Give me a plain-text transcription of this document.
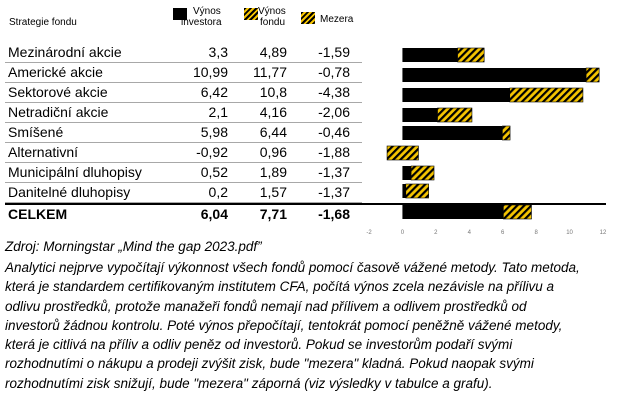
Strategie fondu
Výnos
investora
Výnos
fondu	Mezera
Mezinárodní akcie	3,3 4,89 -1,59
Americké akcie	10,99 11,77 -0,78
Sektorové akcie	6,42 10,8 -4,38
Netradiční akcie	2,1 4,16 -2,06
Smíšené	5,98 6,44 -0,46
Alternativní	-0,92 0,96 -1,88
Municipální dluhopisy	0,52 1,89 -1,37
Danitelné dluhopisy	0,2 1,57 -1,37
CELKEM	6,04 7,71 -1,68
-2	0	2	4	6	8	10	12
Zdroj: Morningstar „Mind the gap 2023.pdf”
Analytici nejprve vypočítají výkonnost všech fondů pomocí časově vážené metody. Tato metoda,
která je standardem certifikovaným institutem CFA, počítá výnos zcela nezávisle na přílivu a
odlivu prostředků, protože manažeři fondů nemají nad přílivem a odlivem prostředků od
investorů žádnou kontrolu. Poté výnos přepočítají, tentokrát pomocí peněžně vážené metody,
která je citlivá na příliv a odliv peněz od investorů. Pokud se investorům podaří svými
rozhodnutími o nákupu a prodeji zvýšit zisk, bude "mezera" kladná. Pokud naopak svými
rozhodnutími zisk snižují, bude "mezera" záporná (viz výsledky v tabulce a grafu).
